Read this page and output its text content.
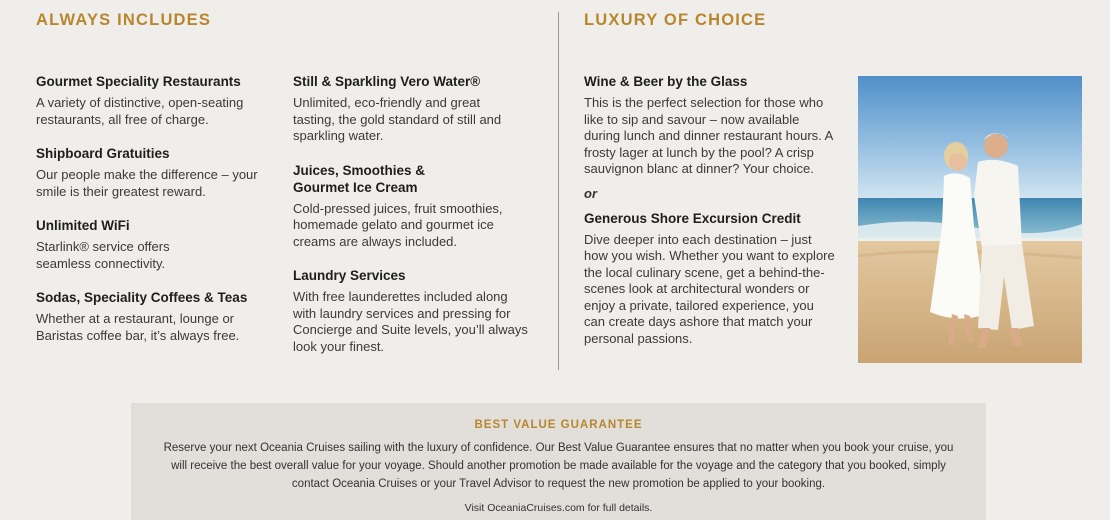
ALWAYS INCLUDES	LUXURY OF CHOICE
Gourmet Speciality Restaurants
A variety of distinctive, open-seating restaurants, all free of charge.
Shipboard Gratuities
Our people make the difference – your smile is their greatest reward.
Unlimited WiFi
Starlink® service offers seamless connectivity.
Sodas, Speciality Coffees & Teas
Whether at a restaurant, lounge or Baristas coffee bar, it’s always free.
Still & Sparkling Vero Water®
Unlimited, eco-friendly and great tasting, the gold standard of still and sparkling water.
Juices, Smoothies & Gourmet Ice Cream
Cold-pressed juices, fruit smoothies, homemade gelato and gourmet ice creams are always included.
Laundry Services
With free launderettes included along with laundry services and pressing for Concierge and Suite levels, you’ll always look your finest.
Wine & Beer by the Glass
This is the perfect selection for those who like to sip and savour – now available during lunch and dinner restaurant hours. A frosty lager at lunch by the pool? A crisp sauvignon blanc at dinner? Your choice.
or
Generous Shore Excursion Credit
Dive deeper into each destination – just how you wish. Whether you want to explore the local culinary scene, get a behind-the-scenes look at architectural wonders or enjoy a private, tailored experience, you can create days ashore that match your personal passions.
BEST VALUE GUARANTEE
Reserve your next Oceania Cruises sailing with the luxury of confidence. Our Best Value Guarantee ensures that no matter when you book your cruise, you will receive the best overall value for your voyage. Should another promotion be made available for the voyage and the category that you booked, simply contact Oceania Cruises or your Travel Advisor to request the new promotion be applied to your booking.
Visit OceaniaCruises.com for full details.
